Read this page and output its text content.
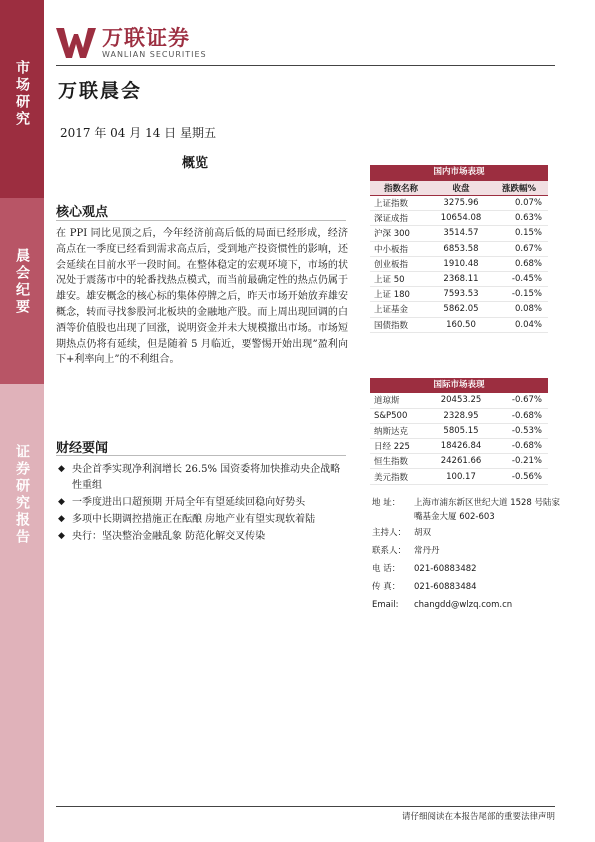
市场研究
晨会纪要
证券研究报告
万联证券
WANLIAN SECURITIES
万联晨会
2017 年 04 月 14 日 星期五
概览
核心观点

在 PPI 同比见顶之后，今年经济前高后低的局面已经形成，经济高点在一季度已经看到需求高点后，受到地产投资惯性的影响，还会延续在目前水平一段时间。在整体稳定的宏观环境下，市场的状况处于震荡市中的轮番找热点模式，而当前最确定性的热点仍属于雄安。雄安概念的核心标的集体停牌之后，昨天市场开始放弃雄安概念，转而寻找参股河北板块的金融地产股。而上周出现回调的白酒等价值股也出现了回涨，说明资金并未大规模撤出市场。市场短期热点仍将有延续，但是随着 5 月临近，要警惕开始出现”盈利向下+利率向上”的不利组合。

财经要闻
◆ 央企首季实现净利润增长 26.5% 国资委将加快推动央企战略性重组
◆ 一季度进出口超预期 开局全年有望延续回稳向好势头
◆ 多项中长期调控措施正在酝酿 房地产业有望实现软着陆
◆ 央行：坚决整治金融乱象 防范化解交叉传染
国内市场表现
指数名称	收盘	涨跌幅%
上证指数	3275.96	0.07%
深证成指	10654.08	0.63%
沪深 300	3514.57	0.15%
中小板指	6853.58	0.67%
创业板指	1910.48	0.68%
上证 50	2368.11	-0.45%
上证 180	7593.53	-0.15%
上证基金	5862.05	0.08%
国债指数	160.50	0.04%
国际市场表现
道琼斯	20453.25	-0.67%
S&P500	2328.95	-0.68%
纳斯达克	5805.15	-0.53%
日经 225	18426.84	-0.68%
恒生指数	24261.66	-0.21%
美元指数	100.17	-0.56%
地 址：	上海市浦东新区世纪大道 1528 号陆家嘴基金大厦 602-603
主持人： 胡双
联系人： 常丹丹
电 话：	021-60883482
传 真：	021-60883484
Email:	changdd@wlzq.com.cn
请仔细阅读在本报告尾部的重要法律声明
